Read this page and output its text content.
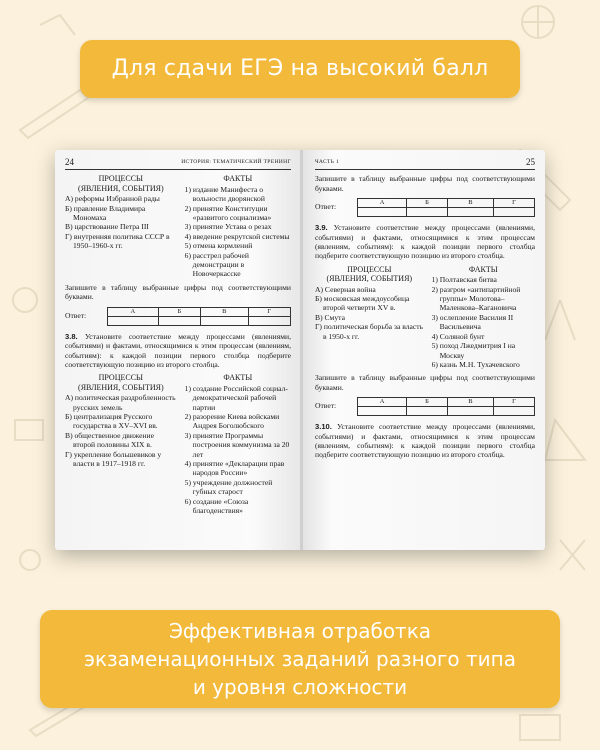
Для сдачи ЕГЭ на высокий балл
24	ИСТОРИЯ: ТЕМАТИЧЕСКИЙ ТРЕНИНГ
ПРОЦЕССЫ
(ЯВЛЕНИЯ, СОБЫТИЯ)
А) реформы Избранной рады
Б) правление Владимира Мономаха
В) царствование Петра III
Г) внутренняя политика СССР в 1950–1960-х гг.
ФАКТЫ
1) издание Манифеста о вольности дворянской
2) принятие Конституции «развитого социализма»
3) принятие Устава о резах
4) введение рекрутской системы
5) отмена кормлений
6) расстрел рабочей демонстрации в Новочеркасске
Запишите в таблицу выбранные цифры под соответствующими буквами.
Ответ:	А	Б	В	Г

3.8. Установите соответствие между процессами (явлениями, событиями) и фактами, относящимися к этим процессам (явлениям, событиям): к каждой позиции первого столбца подберите соответствующую позицию из второго столбца.
ПРОЦЕССЫ
(ЯВЛЕНИЯ, СОБЫТИЯ)
А) политическая раздробленность русских земель
Б) централизация Русского государства в XV–XVI вв.
В) общественное движение второй половины XIX в.
Г) укрепление большевиков у власти в 1917–1918 гг.
ФАКТЫ
1) создание Российской социал-демократической рабочей партии
2) разорение Киева войсками Андрея Боголюбского
3) принятие Программы построения коммунизма за 20 лет
4) принятие «Декларации прав народов России»
5) учреждение должностей губных старост
6) создание «Союза благоденствия»
ЧАСТЬ 1	25
Запишите в таблицу выбранные цифры под соответствующими буквами.
Ответ:	А	Б	В	Г

3.9. Установите соответствие между процессами (явлениями, событиями) и фактами, относящимися к этим процессам (явлениям, событиям): к каждой позиции первого столбца подберите соответствующую позицию из второго столбца.
ПРОЦЕССЫ
(ЯВЛЕНИЯ, СОБЫТИЯ)
А) Северная война
Б) московская междоусобица второй четверти XV в.
В) Смута
Г) политическая борьба за власть в 1950-х гг.
ФАКТЫ
1) Полтавская битва
2) разгром «антипартийной группы» Молотова–Маленкова–Кагановича
3) ослепление Василия II Васильевича
4) Соляной бунт
5) поход Лжедмитрия I на Москву
6) казнь М.Н. Тухачевского
Запишите в таблицу выбранные цифры под соответствующими буквами.
Ответ:	А	Б	В	Г

3.10. Установите соответствие между процессами (явлениями, событиями) и фактами, относящимися к этим процессам (явлениям, событиям): к каждой позиции первого столбца подберите соответствующую позицию из второго столбца.
Эффективная отработка
экзаменационных заданий разного типа
и уровня сложности
